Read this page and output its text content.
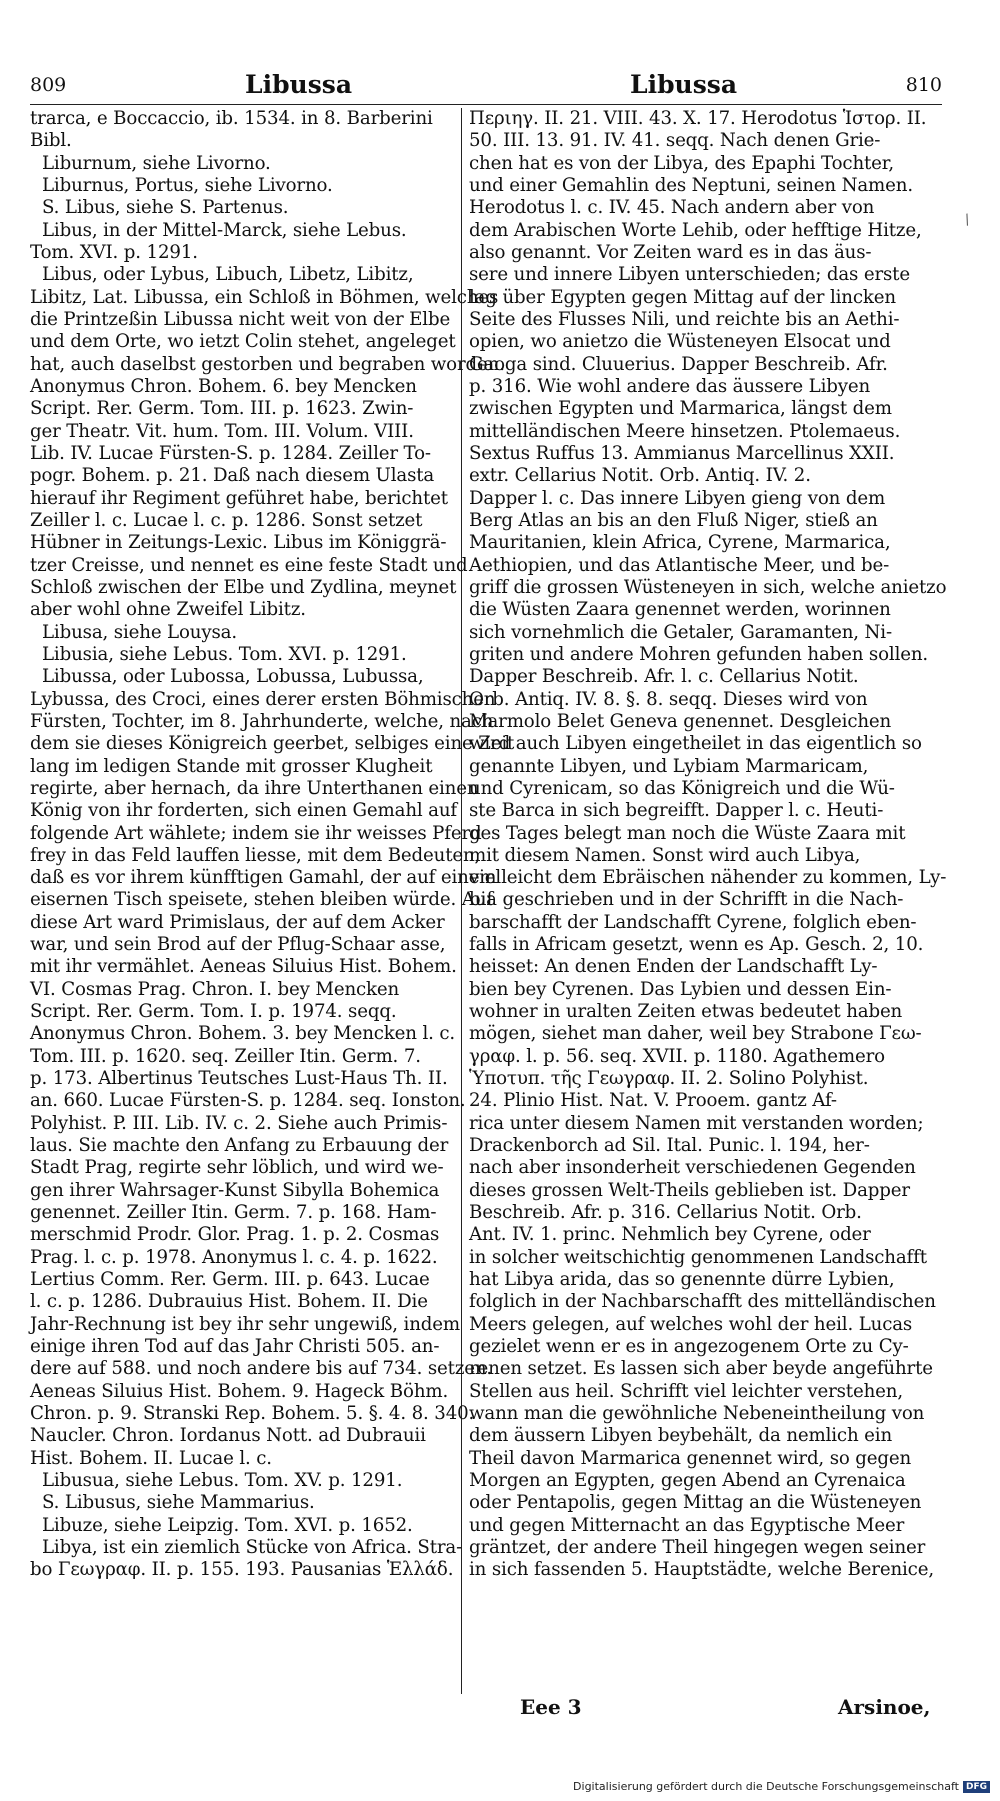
809	Libussa	Libussa	810
trarca, e Boccaccio, ib. 1534. in 8. Barberini
Bibl.
Liburnum, siehe Livorno.
Liburnus, Portus, siehe Livorno.
S. Libus, siehe S. Partenus.
Libus, in der Mittel-Marck, siehe Lebus.
Tom. XVI. p. 1291.
Libus, oder Lybus, Libuch, Libetz, Libitz,
Libitz, Lat. Libussa, ein Schloß in Böhmen, welches
die Printzeßin Libussa nicht weit von der Elbe
und dem Orte, wo ietzt Colin stehet, angeleget
hat, auch daselbst gestorben und begraben worden.
Anonymus Chron. Bohem. 6. bey Mencken
Script. Rer. Germ. Tom. III. p. 1623. Zwin-
ger Theatr. Vit. hum. Tom. III. Volum. VIII.
Lib. IV. Lucae Fürsten-S. p. 1284. Zeiller To-
pogr. Bohem. p. 21. Daß nach diesem Ulasta
hierauf ihr Regiment geführet habe, berichtet
Zeiller l. c. Lucae l. c. p. 1286. Sonst setzet
Hübner in Zeitungs-Lexic. Libus im Königgrä-
tzer Creisse, und nennet es eine feste Stadt und
Schloß zwischen der Elbe und Zydlina, meynet
aber wohl ohne Zweifel Libitz.
Libusa, siehe Louysa.
Libusia, siehe Lebus. Tom. XVI. p. 1291.
Libussa, oder Lubossa, Lobussa, Lubussa,
Lybussa, des Croci, eines derer ersten Böhmischen
Fürsten, Tochter, im 8. Jahrhunderte, welche, nach
dem sie dieses Königreich geerbet, selbiges eine Zeit
lang im ledigen Stande mit grosser Klugheit
regirte, aber hernach, da ihre Unterthanen einen
König von ihr forderten, sich einen Gemahl auf
folgende Art wählete; indem sie ihr weisses Pferd
frey in das Feld lauffen liesse, mit dem Bedeuten,
daß es vor ihrem künfftigen Gamahl, der auf einem
eisernen Tisch speisete, stehen bleiben würde. Auf
diese Art ward Primislaus, der auf dem Acker
war, und sein Brod auf der Pflug-Schaar asse,
mit ihr vermählet. Aeneas Siluius Hist. Bohem.
VI. Cosmas Prag. Chron. I. bey Mencken
Script. Rer. Germ. Tom. I. p. 1974. seqq.
Anonymus Chron. Bohem. 3. bey Mencken l. c.
Tom. III. p. 1620. seq. Zeiller Itin. Germ. 7.
p. 173. Albertinus Teutsches Lust-Haus Th. II.
an. 660. Lucae Fürsten-S. p. 1284. seq. Ionston.
Polyhist. P. III. Lib. IV. c. 2. Siehe auch Primis-
laus. Sie machte den Anfang zu Erbauung der
Stadt Prag, regirte sehr löblich, und wird we-
gen ihrer Wahrsager-Kunst Sibylla Bohemica
genennet. Zeiller Itin. Germ. 7. p. 168. Ham-
merschmid Prodr. Glor. Prag. 1. p. 2. Cosmas
Prag. l. c. p. 1978. Anonymus l. c. 4. p. 1622.
Lertius Comm. Rer. Germ. III. p. 643. Lucae
l. c. p. 1286. Dubrauius Hist. Bohem. II. Die
Jahr-Rechnung ist bey ihr sehr ungewiß, indem
einige ihren Tod auf das Jahr Christi 505. an-
dere auf 588. und noch andere bis auf 734. setzen.
Aeneas Siluius Hist. Bohem. 9. Hageck Böhm.
Chron. p. 9. Stranski Rep. Bohem. 5. §. 4. 8. 340.
Naucler. Chron. Iordanus Nott. ad Dubrauii
Hist. Bohem. II. Lucae l. c.
Libusua, siehe Lebus. Tom. XV. p. 1291.
S. Libusus, siehe Mammarius.
Libuze, siehe Leipzig. Tom. XVI. p. 1652.
Libya, ist ein ziemlich Stücke von Africa. Stra-
bo Γεωγραφ. II. p. 155. 193. Pausanias Ἑλλάδ.
Περιηγ. II. 21. VIII. 43. X. 17. Herodotus Ἱστορ. II.
50. III. 13. 91. IV. 41. seqq. Nach denen Grie-
chen hat es von der Libya, des Epaphi Tochter,
und einer Gemahlin des Neptuni, seinen Namen.
Herodotus l. c. IV. 45. Nach andern aber von
dem Arabischen Worte Lehib, oder hefftige Hitze,
also genannt. Vor Zeiten ward es in das äus-
sere und innere Libyen unterschieden; das erste
lag über Egypten gegen Mittag auf der lincken
Seite des Flusses Nili, und reichte bis an Aethi-
opien, wo anietzo die Wüsteneyen Elsocat und
Gaoga sind. Cluuerius. Dapper Beschreib. Afr.
p. 316. Wie wohl andere das äussere Libyen
zwischen Egypten und Marmarica, längst dem
mittelländischen Meere hinsetzen. Ptolemaeus.
Sextus Ruffus 13. Ammianus Marcellinus XXII.
extr. Cellarius Notit. Orb. Antiq. IV. 2.
Dapper l. c. Das innere Libyen gieng von dem
Berg Atlas an bis an den Fluß Niger, stieß an
Mauritanien, klein Africa, Cyrene, Marmarica,
Aethiopien, und das Atlantische Meer, und be-
griff die grossen Wüsteneyen in sich, welche anietzo
die Wüsten Zaara genennet werden, worinnen
sich vornehmlich die Getaler, Garamanten, Ni-
griten und andere Mohren gefunden haben sollen.
Dapper Beschreib. Afr. l. c. Cellarius Notit.
Orb. Antiq. IV. 8. §. 8. seqq. Dieses wird von
Marmolo Belet Geneva genennet. Desgleichen
wird auch Libyen eingetheilet in das eigentlich so
genannte Libyen, und Lybiam Marmaricam,
und Cyrenicam, so das Königreich und die Wü-
ste Barca in sich begreifft. Dapper l. c. Heuti-
ges Tages belegt man noch die Wüste Zaara mit
mit diesem Namen. Sonst wird auch Libya,
vielleicht dem Ebräischen nähender zu kommen, Ly-
bia geschrieben und in der Schrifft in die Nach-
barschafft der Landschafft Cyrene, folglich eben-
falls in Africam gesetzt, wenn es Ap. Gesch. 2, 10.
heisset: An denen Enden der Landschafft Ly-
bien bey Cyrenen. Das Lybien und dessen Ein-
wohner in uralten Zeiten etwas bedeutet haben
mögen, siehet man daher, weil bey Strabone Γεω-
γραφ. l. p. 56. seq. XVII. p. 1180. Agathemero
Ὑποτυπ. τῆς Γεωγραφ. II. 2. Solino Polyhist.
24. Plinio Hist. Nat. V. Prooem. gantz Af-
rica unter diesem Namen mit verstanden worden;
Drackenborch ad Sil. Ital. Punic. l. 194, her-
nach aber insonderheit verschiedenen Gegenden
dieses grossen Welt-Theils geblieben ist. Dapper
Beschreib. Afr. p. 316. Cellarius Notit. Orb.
Ant. IV. 1. princ. Nehmlich bey Cyrene, oder
in solcher weitschichtig genommenen Landschafft
hat Libya arida, das so genennte dürre Lybien,
folglich in der Nachbarschafft des mittelländischen
Meers gelegen, auf welches wohl der heil. Lucas
gezielet wenn er es in angezogenem Orte zu Cy-
renen setzet. Es lassen sich aber beyde angeführte
Stellen aus heil. Schrifft viel leichter verstehen,
wann man die gewöhnliche Nebeneintheilung von
dem äussern Libyen beybehält, da nemlich ein
Theil davon Marmarica genennet wird, so gegen
Morgen an Egypten, gegen Abend an Cyrenaica
oder Pentapolis, gegen Mittag an die Wüsteneyen
und gegen Mitternacht an das Egyptische Meer
gräntzet, der andere Theil hingegen wegen seiner
in sich fassenden 5. Hauptstädte, welche Berenice,
/
Eee 3	Arsinoe,
Digitalisierung gefördert durch die Deutsche Forschungsgemeinschaft DFG
